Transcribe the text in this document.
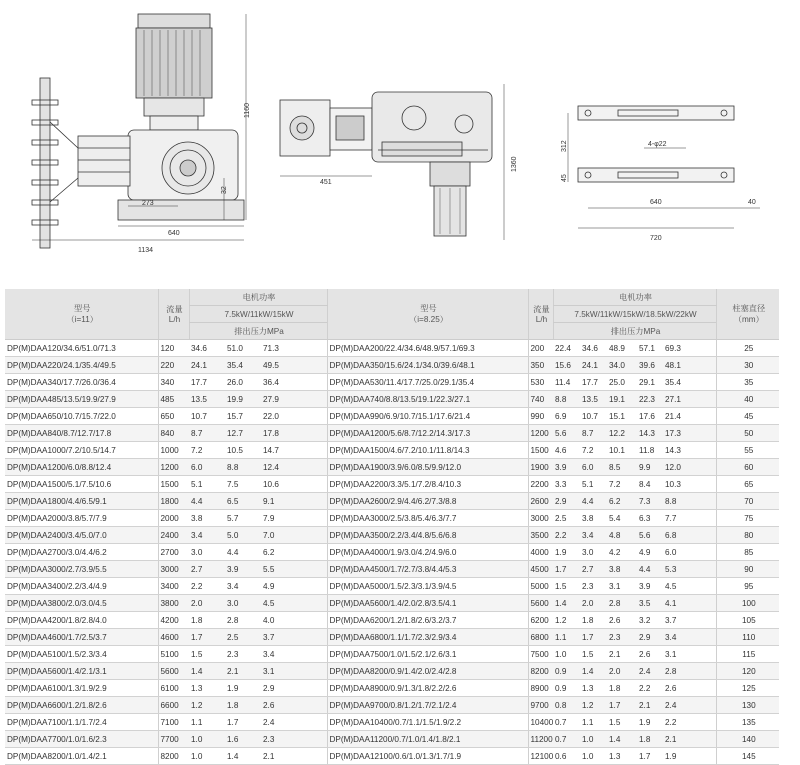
1160
32
273
640
1134
451
1360
312
45
4-φ22
640	40
720
型号
（i=11）	流量
L/h	电机功率			型号
（i=8.25）	流量
L/h	电机功率					柱塞直径
（mm）
		7.5kW/11kW/15kW					7.5kW/11kW/15kW/18.5kW/22kW					
		排出压力MPa					排出压力MPa					
DP(M)DAA120/34.6/51.0/71.3	120	34.6	51.0	71.3	DP(M)DAA200/22.4/34.6/48.9/57.1/69.3	200	22.4	34.6	48.9	57.1	69.3	25
DP(M)DAA220/24.1/35.4/49.5	220	24.1	35.4	49.5	DP(M)DAA350/15.6/24.1/34.0/39.6/48.1	350	15.6	24.1	34.0	39.6	48.1	30
DP(M)DAA340/17.7/26.0/36.4	340	17.7	26.0	36.4	DP(M)DAA530/11.4/17.7/25.0/29.1/35.4	530	11.4	17.7	25.0	29.1	35.4	35
DP(M)DAA485/13.5/19.9/27.9	485	13.5	19.9	27.9	DP(M)DAA740/8.8/13.5/19.1/22.3/27.1	740	8.8	13.5	19.1	22.3	27.1	40
DP(M)DAA650/10.7/15.7/22.0	650	10.7	15.7	22.0	DP(M)DAA990/6.9/10.7/15.1/17.6/21.4	990	6.9	10.7	15.1	17.6	21.4	45
DP(M)DAA840/8.7/12.7/17.8	840	8.7	12.7	17.8	DP(M)DAA1200/5.6/8.7/12.2/14.3/17.3	1200	5.6	8.7	12.2	14.3	17.3	50
DP(M)DAA1000/7.2/10.5/14.7	1000	7.2	10.5	14.7	DP(M)DAA1500/4.6/7.2/10.1/11.8/14.3	1500	4.6	7.2	10.1	11.8	14.3	55
DP(M)DAA1200/6.0/8.8/12.4	1200	6.0	8.8	12.4	DP(M)DAA1900/3.9/6.0/8.5/9.9/12.0	1900	3.9	6.0	8.5	9.9	12.0	60
DP(M)DAA1500/5.1/7.5/10.6	1500	5.1	7.5	10.6	DP(M)DAA2200/3.3/5.1/7.2/8.4/10.3	2200	3.3	5.1	7.2	8.4	10.3	65
DP(M)DAA1800/4.4/6.5/9.1	1800	4.4	6.5	9.1	DP(M)DAA2600/2.9/4.4/6.2/7.3/8.8	2600	2.9	4.4	6.2	7.3	8.8	70
DP(M)DAA2000/3.8/5.7/7.9	2000	3.8	5.7	7.9	DP(M)DAA3000/2.5/3.8/5.4/6.3/7.7	3000	2.5	3.8	5.4	6.3	7.7	75
DP(M)DAA2400/3.4/5.0/7.0	2400	3.4	5.0	7.0	DP(M)DAA3500/2.2/3.4/4.8/5.6/6.8	3500	2.2	3.4	4.8	5.6	6.8	80
DP(M)DAA2700/3.0/4.4/6.2	2700	3.0	4.4	6.2	DP(M)DAA4000/1.9/3.0/4.2/4.9/6.0	4000	1.9	3.0	4.2	4.9	6.0	85
DP(M)DAA3000/2.7/3.9/5.5	3000	2.7	3.9	5.5	DP(M)DAA4500/1.7/2.7/3.8/4.4/5.3	4500	1.7	2.7	3.8	4.4	5.3	90
DP(M)DAA3400/2.2/3.4/4.9	3400	2.2	3.4	4.9	DP(M)DAA5000/1.5/2.3/3.1/3.9/4.5	5000	1.5	2.3	3.1	3.9	4.5	95
DP(M)DAA3800/2.0/3.0/4.5	3800	2.0	3.0	4.5	DP(M)DAA5600/1.4/2.0/2.8/3.5/4.1	5600	1.4	2.0	2.8	3.5	4.1	100
DP(M)DAA4200/1.8/2.8/4.0	4200	1.8	2.8	4.0	DP(M)DAA6200/1.2/1.8/2.6/3.2/3.7	6200	1.2	1.8	2.6	3.2	3.7	105
DP(M)DAA4600/1.7/2.5/3.7	4600	1.7	2.5	3.7	DP(M)DAA6800/1.1/1.7/2.3/2.9/3.4	6800	1.1	1.7	2.3	2.9	3.4	110
DP(M)DAA5100/1.5/2.3/3.4	5100	1.5	2.3	3.4	DP(M)DAA7500/1.0/1.5/2.1/2.6/3.1	7500	1.0	1.5	2.1	2.6	3.1	115
DP(M)DAA5600/1.4/2.1/3.1	5600	1.4	2.1	3.1	DP(M)DAA8200/0.9/1.4/2.0/2.4/2.8	8200	0.9	1.4	2.0	2.4	2.8	120
DP(M)DAA6100/1.3/1.9/2.9	6100	1.3	1.9	2.9	DP(M)DAA8900/0.9/1.3/1.8/2.2/2.6	8900	0.9	1.3	1.8	2.2	2.6	125
DP(M)DAA6600/1.2/1.8/2.6	6600	1.2	1.8	2.6	DP(M)DAA9700/0.8/1.2/1.7/2.1/2.4	9700	0.8	1.2	1.7	2.1	2.4	130
DP(M)DAA7100/1.1/1.7/2.4	7100	1.1	1.7	2.4	DP(M)DAA10400/0.7/1.1/1.5/1.9/2.2	10400	0.7	1.1	1.5	1.9	2.2	135
DP(M)DAA7700/1.0/1.6/2.3	7700	1.0	1.6	2.3	DP(M)DAA11200/0.7/1.0/1.4/1.8/2.1	11200	0.7	1.0	1.4	1.8	2.1	140
DP(M)DAA8200/1.0/1.4/2.1	8200	1.0	1.4	2.1	DP(M)DAA12100/0.6/1.0/1.3/1.7/1.9	12100	0.6	1.0	1.3	1.7	1.9	145
